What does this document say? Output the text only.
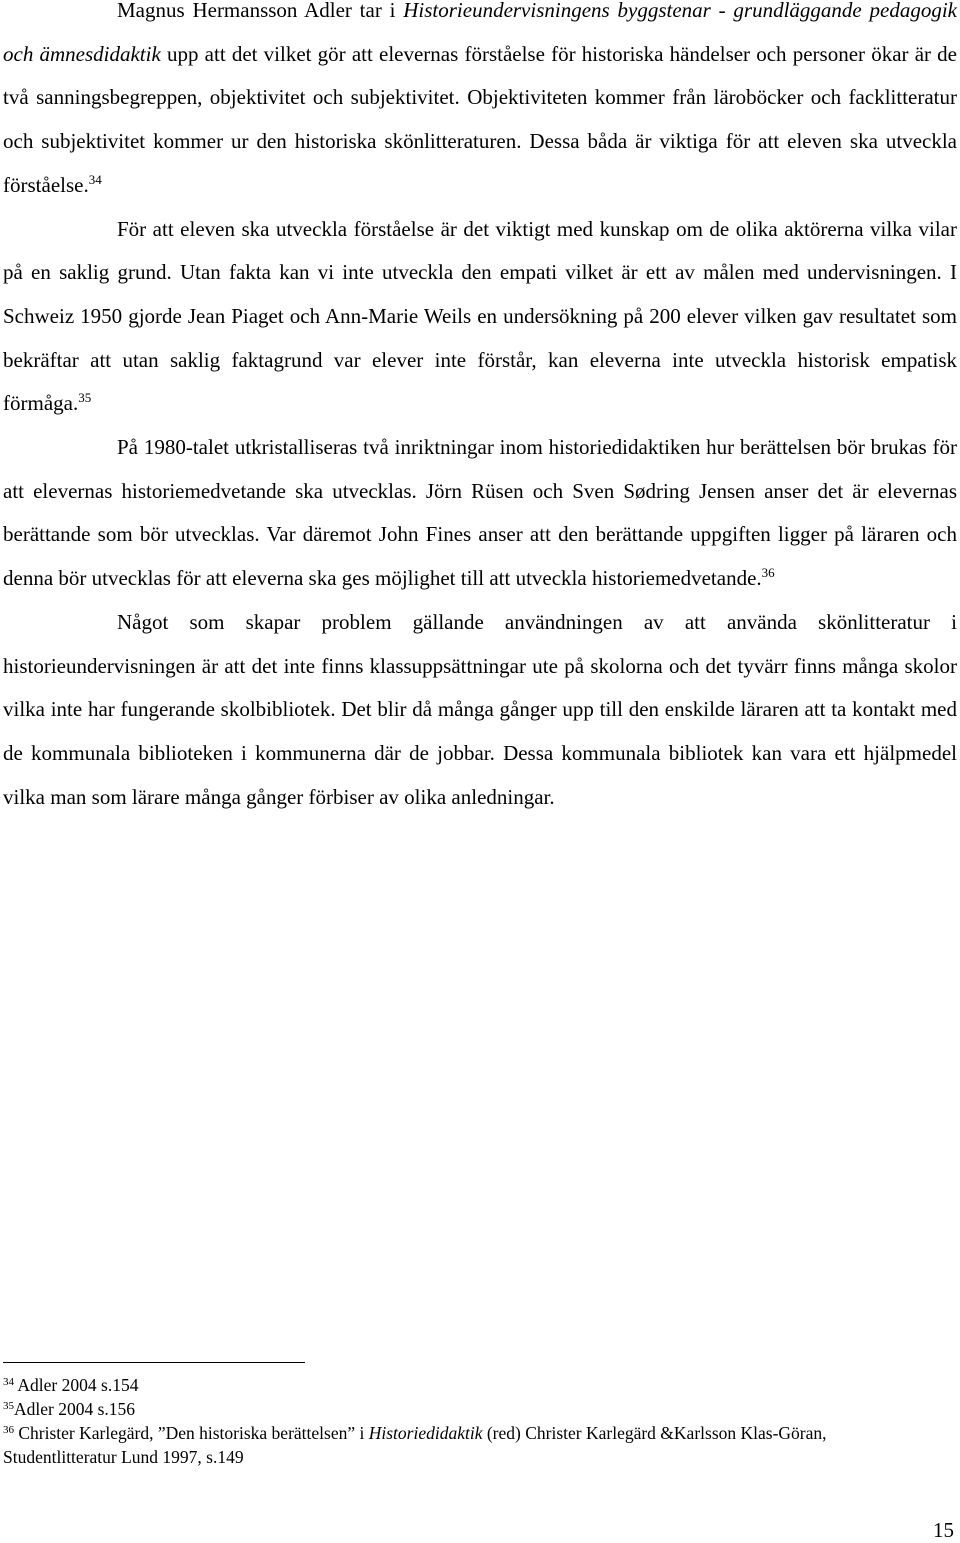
Magnus Hermansson Adler tar i Historieundervisningens byggstenar - grundläggande pedagogik och ämnesdidaktik upp att det vilket gör att elevernas förståelse för historiska händelser och personer ökar är de två sanningsbegreppen, objektivitet och subjektivitet. Objektiviteten kommer från läroböcker och facklitteratur och subjektivitet kommer ur den historiska skönlitteraturen. Dessa båda är viktiga för att eleven ska utveckla förståelse.$^{34}$

För att eleven ska utveckla förståelse är det viktigt med kunskap om de olika aktörerna vilka vilar på en saklig grund. Utan fakta kan vi inte utveckla den empati vilket är ett av målen med undervisningen. I Schweiz 1950 gjorde Jean Piaget och Ann-Marie Weils en undersökning på 200 elever vilken gav resultatet som bekräftar att utan saklig faktagrund var elever inte förstår, kan eleverna inte utveckla historisk empatisk förmåga.$^{35}$

På 1980-talet utkristalliseras två inriktningar inom historiedidaktiken hur berättelsen bör brukas för att elevernas historiemedvetande ska utvecklas. Jörn Rüsen och Sven Sødring Jensen anser det är elevernas berättande som bör utvecklas. Var däremot John Fines anser att den berättande uppgiften ligger på läraren och denna bör utvecklas för att eleverna ska ges möjlighet till att utveckla historiemedvetande.$^{36}$

Något som skapar problem gällande användningen av att använda skönlitteratur i historieundervisningen är att det inte finns klassuppsättningar ute på skolorna och det tyvärr finns många skolor vilka inte har fungerande skolbibliotek. Det blir då många gånger upp till den enskilde läraren att ta kontakt med de kommunala biblioteken i kommunerna där de jobbar. Dessa kommunala bibliotek kan vara ett hjälpmedel vilka man som lärare många gånger förbiser av olika anledningar.

$^{34}$ Adler 2004 s.154

$^{35}$Adler 2004 s.156

$^{36}$ Christer Karlegärd, ”Den historiska berättelsen” i Historiedidaktik (red) Christer Karlegärd &Karlsson Klas-Göran, Studentlitteratur Lund 1997, s.149

15
